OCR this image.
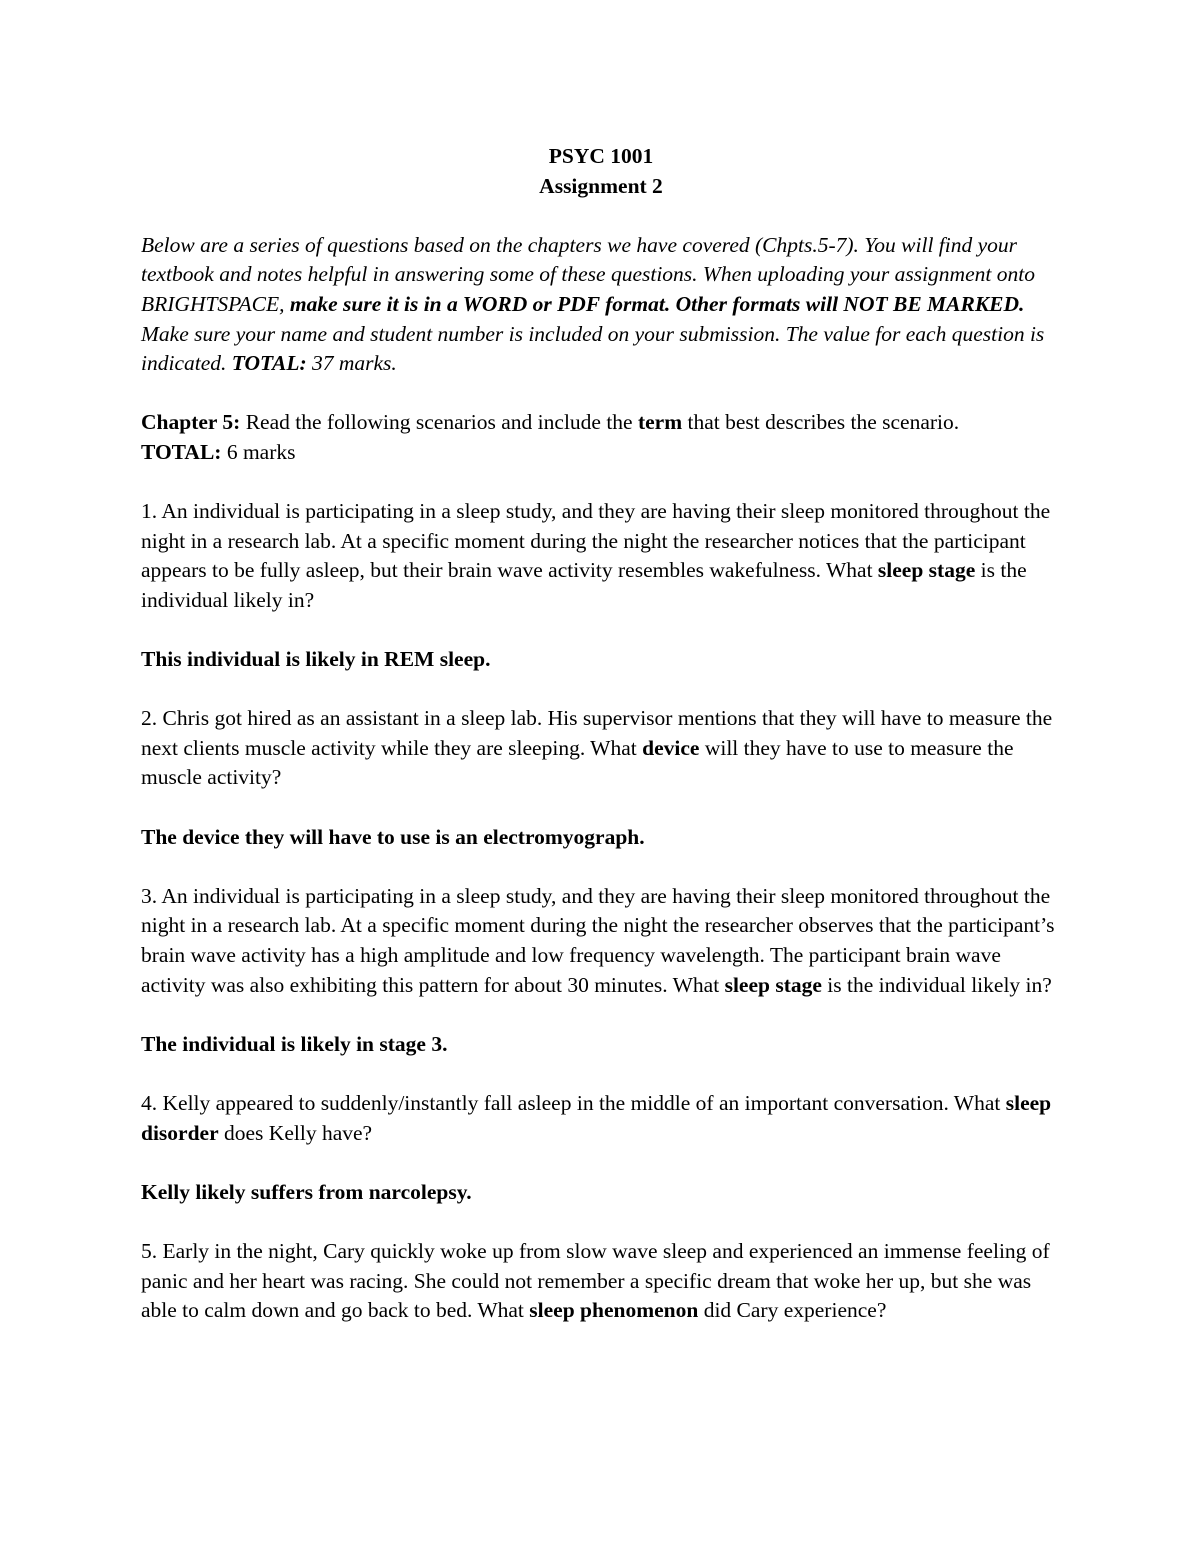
PSYC 1001

Assignment 2

Below are a series of questions based on the chapters we have covered (Chpts.5-7). You will find your textbook and notes helpful in answering some of these questions. When uploading your assignment onto BRIGHTSPACE, make sure it is in a WORD or PDF format. Other formats will NOT BE MARKED. Make sure your name and student number is included on your submission. The value for each question is indicated. TOTAL: 37 marks.

Chapter 5: Read the following scenarios and include the term that best describes the scenario.
TOTAL: 6 marks

1. An individual is participating in a sleep study, and they are having their sleep monitored throughout the night in a research lab. At a specific moment during the night the researcher notices that the participant appears to be fully asleep, but their brain wave activity resembles wakefulness. What sleep stage is the individual likely in?

This individual is likely in REM sleep.

2. Chris got hired as an assistant in a sleep lab. His supervisor mentions that they will have to measure the next clients muscle activity while they are sleeping. What device will they have to use to measure the muscle activity?

The device they will have to use is an electromyograph.

3. An individual is participating in a sleep study, and they are having their sleep monitored throughout the night in a research lab. At a specific moment during the night the researcher observes that the participant’s brain wave activity has a high amplitude and low frequency wavelength. The participant brain wave activity was also exhibiting this pattern for about 30 minutes. What sleep stage is the individual likely in?

The individual is likely in stage 3.

4. Kelly appeared to suddenly/instantly fall asleep in the middle of an important conversation. What sleep disorder does Kelly have?

Kelly likely suffers from narcolepsy.

5. Early in the night, Cary quickly woke up from slow wave sleep and experienced an immense feeling of panic and her heart was racing. She could not remember a specific dream that woke her up, but she was able to calm down and go back to bed. What sleep phenomenon did Cary experience?
